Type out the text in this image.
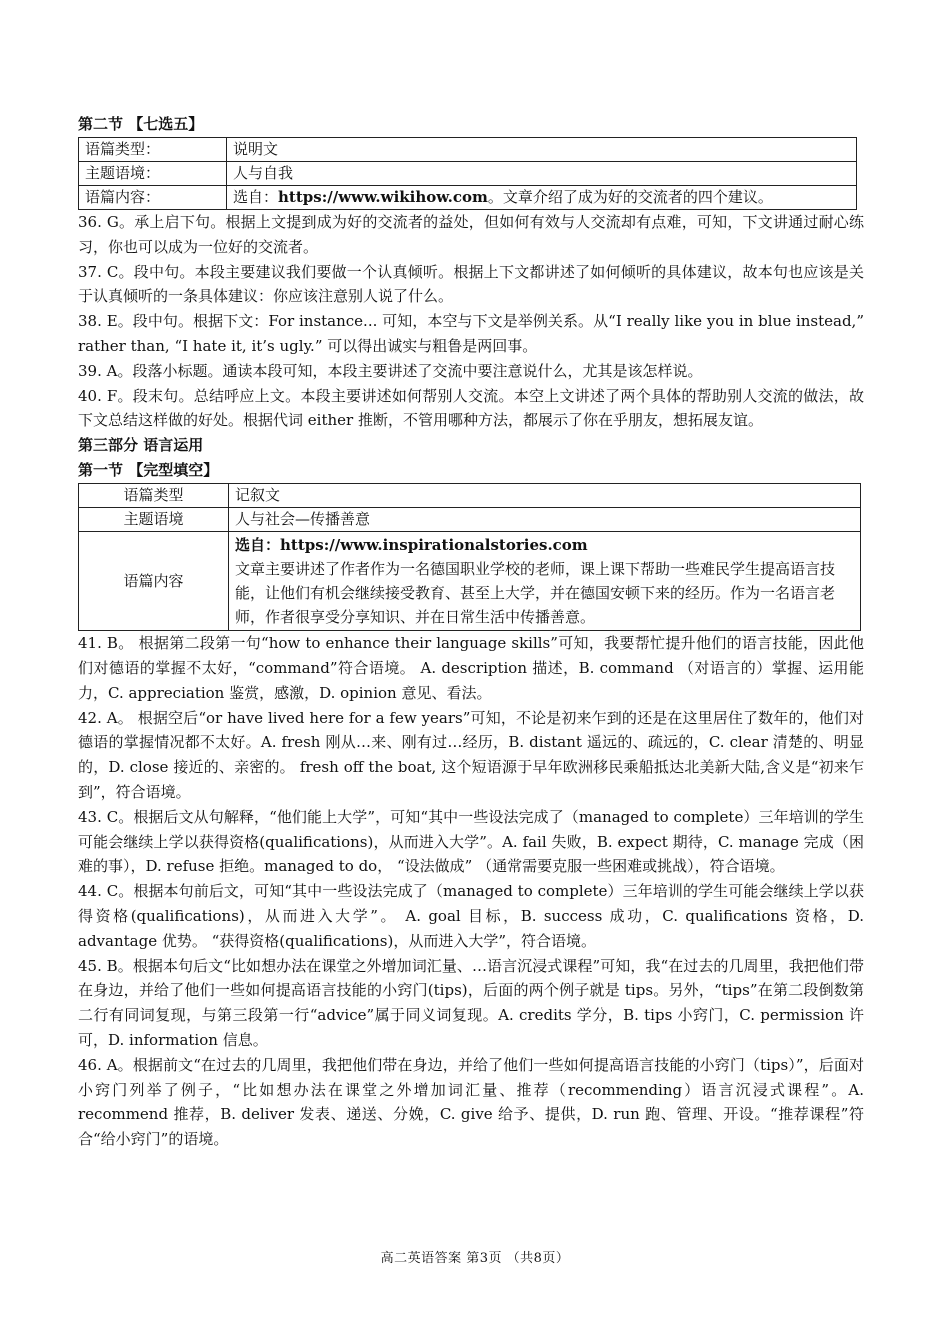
第二节 【七选五】
语篇类型：	说明文
主题语境：	人与自我
语篇内容：	选自：https://www.wikihow.com。文章介绍了成为好的交流者的四个建议。

36. G。承上启下句。根据上文提到成为好的交流者的益处，但如何有效与人交流却有点难，可知，下文讲通过耐心练习，你也可以成为一位好的交流者。

37. C。段中句。本段主要建议我们要做一个认真倾听。根据上下文都讲述了如何倾听的具体建议，故本句也应该是关于认真倾听的一条具体建议：你应该注意别人说了什么。

38. E。段中句。根据下文：For instance... 可知，本空与下文是举例关系。从“I really like you in blue instead,” rather than, “I hate it, it’s ugly.” 可以得出诚实与粗鲁是两回事。

39. A。段落小标题。通读本段可知，本段主要讲述了交流中要注意说什么，尤其是该怎样说。

40. F。段末句。总结呼应上文。本段主要讲述如何帮别人交流。本空上文讲述了两个具体的帮助别人交流的做法，故下文总结这样做的好处。根据代词 either 推断，不管用哪种方法，都展示了你在乎朋友，想拓展友谊。

第三部分 语言运用
第一节 【完型填空】
语篇类型	记叙文
主题语境	人与社会—传播善意
语篇内容	选自：https://www.inspirationalstories.com
文章主要讲述了作者作为一名德国职业学校的老师，课上课下帮助一些难民学生提高语言技能，让他们有机会继续接受教育、甚至上大学，并在德国安顿下来的经历。作为一名语言老师，作者很享受分享知识、并在日常生活中传播善意。

41. B。 根据第二段第一句“how to enhance their language skills”可知，我要帮忙提升他们的语言技能，因此他们对德语的掌握不太好，“command”符合语境。 A. description 描述，B. command （对语言的）掌握、运用能力，C. appreciation 鉴赏，感激，D. opinion 意见、看法。

42. A。 根据空后“or have lived here for a few years”可知，不论是初来乍到的还是在这里居住了数年的，他们对德语的掌握情况都不太好。A. fresh 刚从…来、刚有过…经历，B. distant 遥远的、疏远的，C. clear 清楚的、明显的，D. close 接近的、亲密的。 fresh off the boat, 这个短语源于早年欧洲移民乘船抵达北美新大陆,含义是“初来乍到”，符合语境。

43. C。根据后文从句解释，“他们能上大学”，可知“其中一些设法完成了（managed to complete）三年培训的学生可能会继续上学以获得资格(qualifications)，从而进入大学”。A. fail 失败，B. expect 期待，C. manage 完成（困难的事），D. refuse 拒绝。managed to do， “设法做成” （通常需要克服一些困难或挑战），符合语境。

44. C。根据本句前后文，可知“其中一些设法完成了（managed to complete）三年培训的学生可能会继续上学以获得资格(qualifications)，从而进入大学”。 A. goal 目标，B. success 成功，C. qualifications 资格，D. advantage 优势。 “获得资格(qualifications)，从而进入大学”，符合语境。

45. B。根据本句后文“比如想办法在课堂之外增加词汇量、…语言沉浸式课程”可知，我“在过去的几周里，我把他们带在身边，并给了他们一些如何提高语言技能的小窍门(tips)，后面的两个例子就是 tips。另外，“tips”在第二段倒数第二行有同词复现，与第三段第一行“advice”属于同义词复现。A. credits 学分，B. tips 小窍门，C. permission 许可，D. information 信息。

46. A。根据前文“在过去的几周里，我把他们带在身边，并给了他们一些如何提高语言技能的小窍门（tips）”，后面对小窍门列举了例子，“比如想办法在课堂之外增加词汇量、推荐（recommending）语言沉浸式课程”。A. recommend 推荐，B. deliver 发表、递送、分娩，C. give 给予、提供，D. run 跑、管理、开设。“推荐课程”符合“给小窍门”的语境。

高二英语答案 第3页 （共8页）
